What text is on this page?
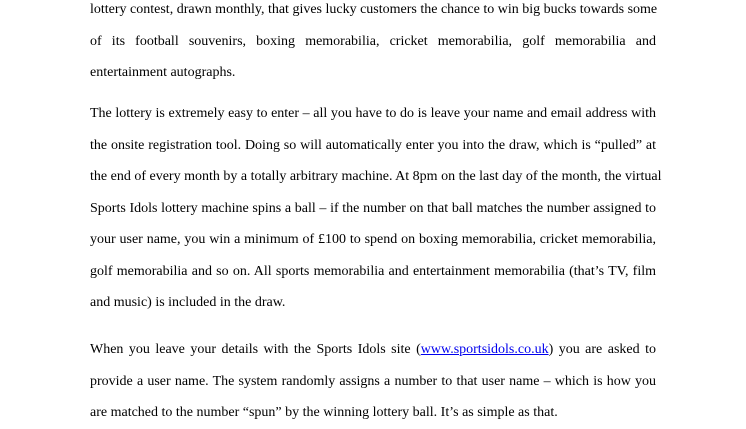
lottery contest, drawn monthly, that gives lucky customers the chance to win big bucks towards some
of its football souvenirs, boxing memorabilia, cricket memorabilia, golf memorabilia and
entertainment autographs.

The lottery is extremely easy to enter – all you have to do is leave your name and email address with
the onsite registration tool. Doing so will automatically enter you into the draw, which is “pulled” at
the end of every month by a totally arbitrary machine. At 8pm on the last day of the month, the virtual
Sports Idols lottery machine spins a ball – if the number on that ball matches the number assigned to
your user name, you win a minimum of £100 to spend on boxing memorabilia, cricket memorabilia,
golf memorabilia and so on. All sports memorabilia and entertainment memorabilia (that’s TV, film
and music) is included in the draw.

When you leave your details with the Sports Idols site (www.sportsidols.co.uk) you are asked to
provide a user name. The system randomly assigns a number to that user name – which is how you
are matched to the number “spun” by the winning lottery ball. It’s as simple as that.
